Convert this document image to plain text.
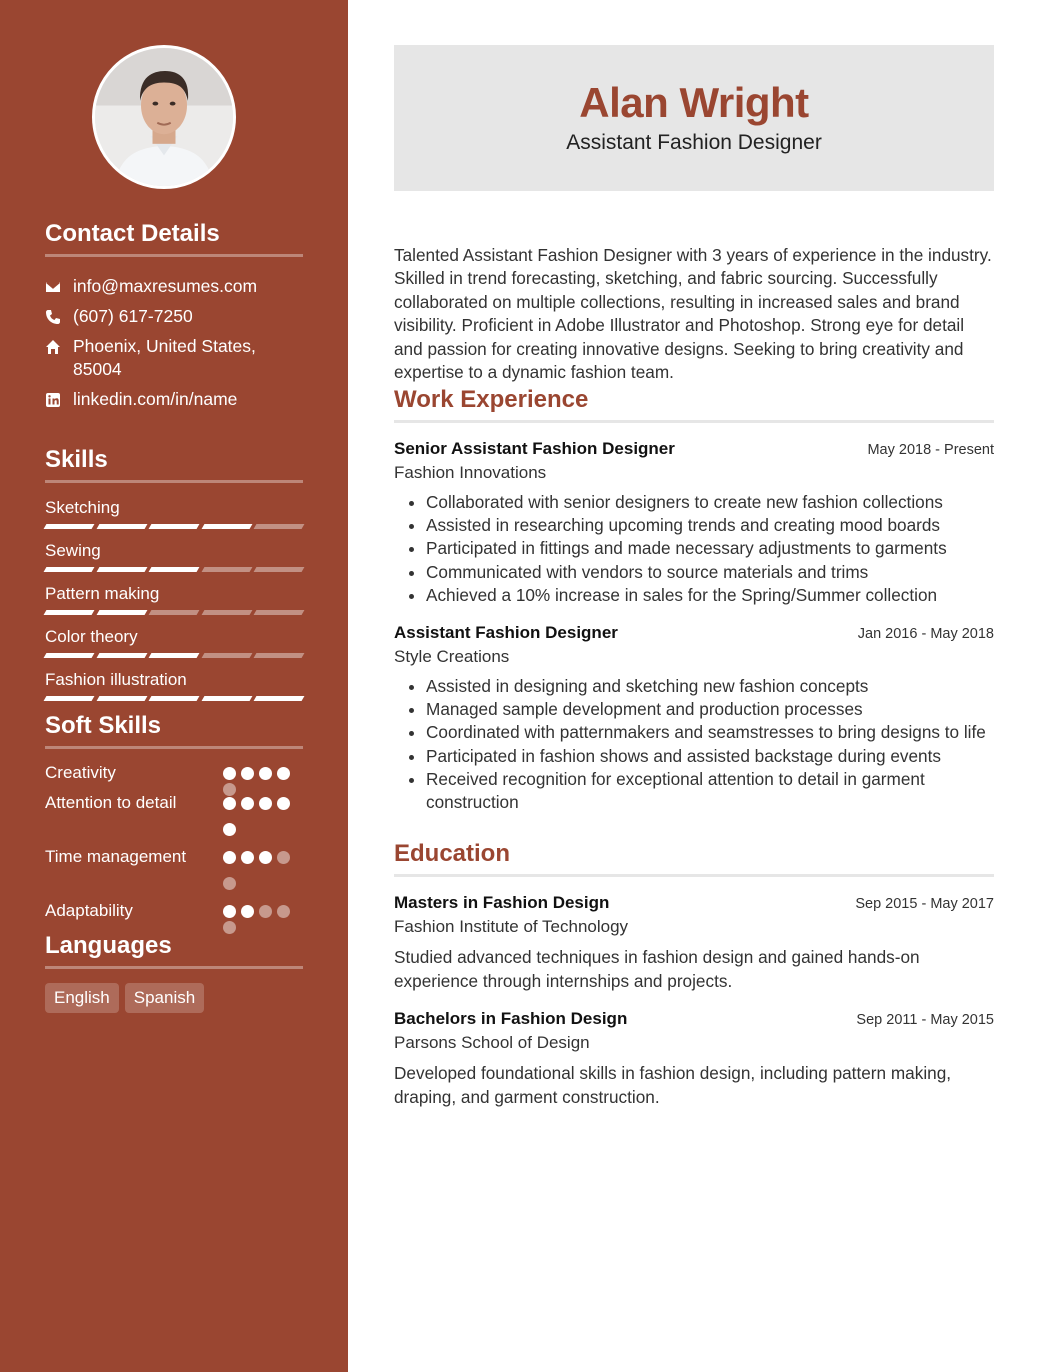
Contact Details
info@maxresumes.com
(607) 617-7250
Phoenix, United States, 85004
linkedin.com/in/name
Skills
Sketching
Sewing
Pattern making
Color theory
Fashion illustration
Soft Skills
Creativity
Attention to detail
Time management
Adaptability
Languages
English	Spanish
Alan Wright
Assistant Fashion Designer

Talented Assistant Fashion Designer with 3 years of experience in the industry. Skilled in trend forecasting, sketching, and fabric sourcing. Successfully collaborated on multiple collections, resulting in increased sales and brand visibility. Proficient in Adobe Illustrator and Photoshop. Strong eye for detail and passion for creating innovative designs. Seeking to bring creativity and expertise to a dynamic fashion team.

Work Experience
Senior Assistant Fashion Designer	May 2018 - Present
Fashion Innovations
• Collaborated with senior designers to create new fashion collections
• Assisted in researching upcoming trends and creating mood boards
• Participated in fittings and made necessary adjustments to garments
• Communicated with vendors to source materials and trims
• Achieved a 10% increase in sales for the Spring/Summer collection
Assistant Fashion Designer	Jan 2016 - May 2018
Style Creations
• Assisted in designing and sketching new fashion concepts
• Managed sample development and production processes
• Coordinated with patternmakers and seamstresses to bring designs to life
• Participated in fashion shows and assisted backstage during events
• Received recognition for exceptional attention to detail in garment construction
Education
Masters in Fashion Design	Sep 2015 - May 2017
Fashion Institute of Technology

Studied advanced techniques in fashion design and gained hands-on experience through internships and projects.

Bachelors in Fashion Design	Sep 2011 - May 2015
Parsons School of Design

Developed foundational skills in fashion design, including pattern making, draping, and garment construction.
